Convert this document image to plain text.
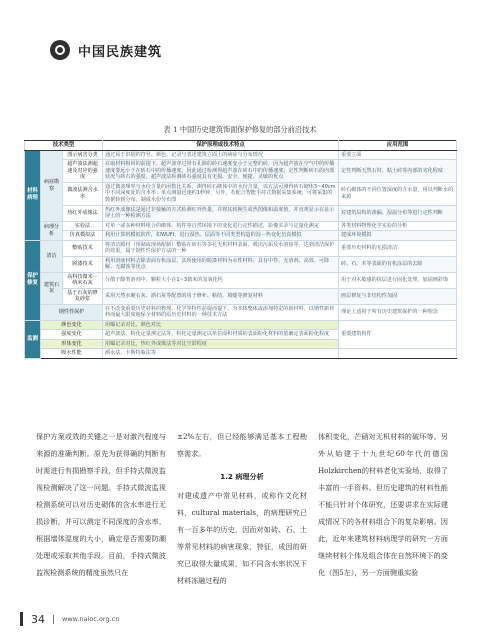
中国民族建筑
表 1 中国历史建筑饰面保护修复的部分前沿技术
技术类型			保护原理或技术特点	应用范围
材料病理	病症勘察	图示病害分类	通过易于识别的符号、颜色，记录与表述建筑立面上的病症与分布情况	重要立面
		超声波法测超速及对应的强度	在取材料相同的前提下，超声波穿过带有孔隙的砖石速度变小于完整的砖，因为超声波在空气中的传播速度要远小于在砖石中的传播速度，因此通过检测得超声波在砖石中的传播速度，定性判断砖石的内部状况与砖石的强度。超声波法检测砖石强度具有无损、安全、便捷、灵敏的优点	定性判断天然石材、粘土砖等内部的劣化程度
		微波法测含水率	通过微波频率与水份含量的函数比关系，测得砖石砌体中的水份含量，该方法可测得砖石砌体3~40cm中不同深度处的含水率；单点测量迅速约1秒钟，另外，若配合智能手持式数据采集系统，可将采集的数据转到分布，制成水份分布图	砖石砌体的不同位置深度的含水量，用以判断水的来源
		热红外成像法	热红外成像法是通过非接触的方式检测红外热量，并将其转换生成热图像和温度值，并直观显示在显示屏上的一种检测方法	对建筑局构的渗漏、湿温分布等进行定性判断
	病理分析	实验法	对单一或多种材料组合的砌体、构件等自然环境下的变化进行定性描述，影像实录与定量化测定	各类材料物理化学实验的分析
		仿真模拟法	利用计算机模拟软件，如WUFI，进行湿热、层面等不同类型构造的湿－热变化仿真模拟	建成环境模拟
保护修复	清洁	敷贴技术	将清洁膜材（预制或现场配制）敷贴在砖石等多孔无机材料表面，吸出污垢及水溶盐等，达到清洁保护的效果，属于钢性性保护方法的一种	重要历史材料的无损清洁
		脱漆技术	利用溶液材料去除表面有机涂层，其所使用的脱漆材料为水性材料，具有中性、无溶剂、高效、可降解、无腐蚀等优点	砖、石、木等表面的有机涂层的去除
	建筑石灰	高科技微米－纳米石灰	分散于醇类溶剂中，颗粒大小在1~3微米的氢氧化钙	用于对木敏感的抹层进行固化处理，加固画彩饰
		基于石灰的修复砂浆	采用天然水硬石灰、洒石灰等配置的用于修补、粘结、填缝等修复材料	画层修复与非结构性加固
	钢性性保护		在不改变重要历史材料的物理、化学等特性前提而提下，为本体整体或添加特定的新材料，以钢性新材料而最大限度地保全材料的原历史材料的一种技术方法	理论上适用于所有历史建筑保护的一种理念
监测	颜色变化		用曝记录对比，颜色对比	重要建筑构件
	强度变化		超声波法，粉化定量测定法等，粉化定量测定以单位面积材质的表面粉化材料的量确定表面粉化程度	
	形体变化		用曝记录对比，热红外成像法等对比空鼓程度	
	吸水性能		洒水法，卡斯特瓶法等	

保护方案或效的关键之一是对激汽程度与来源的准确判断。原先为获得确的判断有时需进行有损勘察手段，但手持式微波监视检测解决了这一问题。手持式微波监视检测系统可以对历史砌体的含水率进行无损诊断，并可以测定不同深度的含水率，根据墙体湿度的大小，确定是否需要防潮处理或采取其他手段。目前，手持式微波监视检测系统的精度虽然只在

±2%左右，但已经能够满足基本工程勘察需求。

1.2 病理分析

对建成遗产中常见材料，或称作文化材料，cultural materials，的病理研究已有一百多年的历史，因而对如砖、石、土等常见材料的病害现象，特征，成因的研究已取得大量成果，如不同含水率状况下材料冻融过程的

体积变化，芒硝对无机材料的破坏等。另外从始建于十九世纪60年代的德国Holzkirchen的材料老化实验场，取得了丰富的一手资料。但历史建筑的材料性能不能只针对个体研究，还要讲求在实际建成情况下的各材料组合下的复杂影响。因此，近年来建筑材料病理学的研究一方面继续材料个体及组合体在自然环境下的变化（图5左），另一方面侧重实验

34	www.naioc.org.cn
